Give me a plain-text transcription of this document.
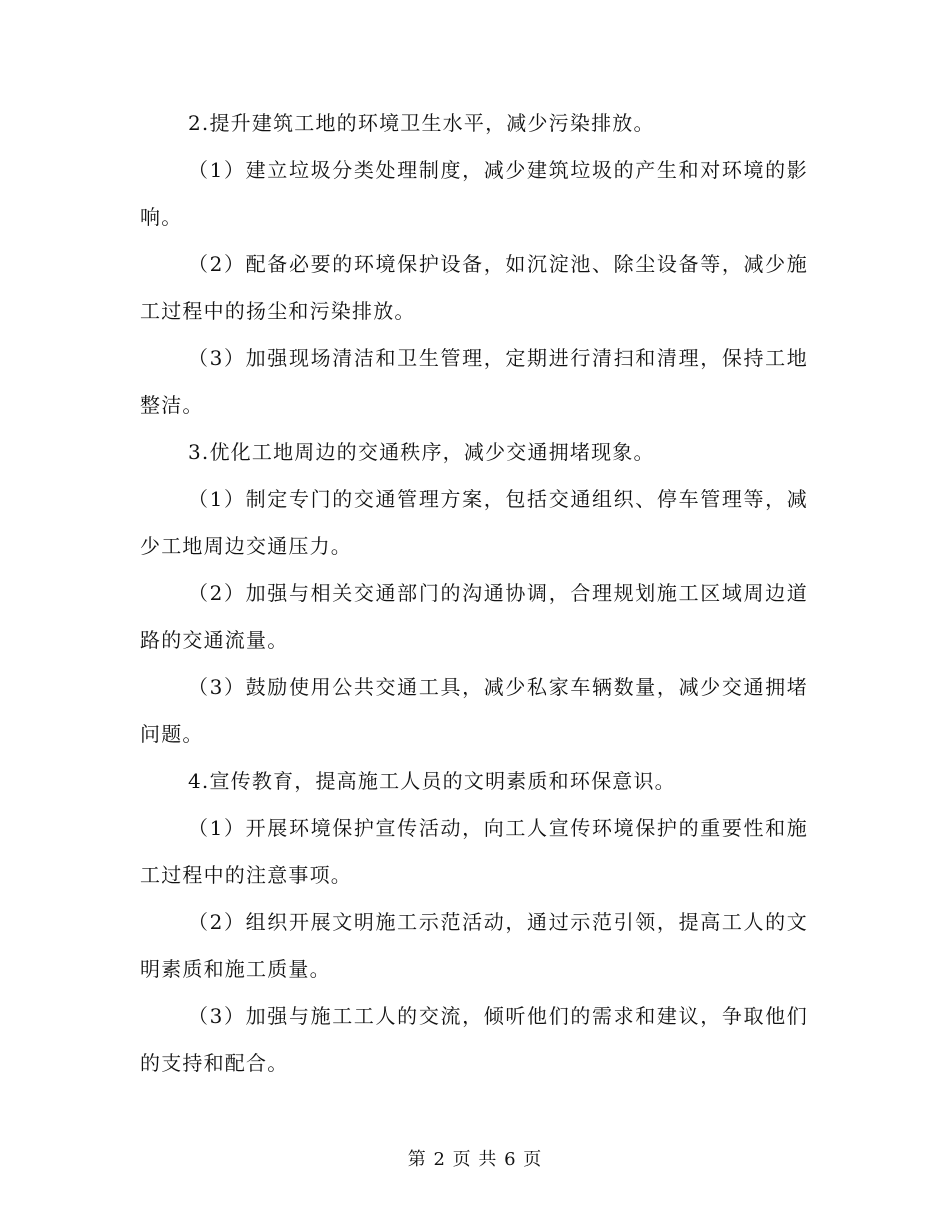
2.提升建筑工地的环境卫生水平，减少污染排放。

（1）建立垃圾分类处理制度，减少建筑垃圾的产生和对环境的影响。

（2）配备必要的环境保护设备，如沉淀池、除尘设备等，减少施工过程中的扬尘和污染排放。

（3）加强现场清洁和卫生管理，定期进行清扫和清理，保持工地整洁。

3.优化工地周边的交通秩序，减少交通拥堵现象。

（1）制定专门的交通管理方案，包括交通组织、停车管理等，减少工地周边交通压力。

（2）加强与相关交通部门的沟通协调，合理规划施工区域周边道路的交通流量。

（3）鼓励使用公共交通工具，减少私家车辆数量，减少交通拥堵问题。

4.宣传教育，提高施工人员的文明素质和环保意识。

（1）开展环境保护宣传活动，向工人宣传环境保护的重要性和施工过程中的注意事项。

（2）组织开展文明施工示范活动，通过示范引领，提高工人的文明素质和施工质量。

（3）加强与施工工人的交流，倾听他们的需求和建议，争取他们的支持和配合。

第 2 页 共 6 页
